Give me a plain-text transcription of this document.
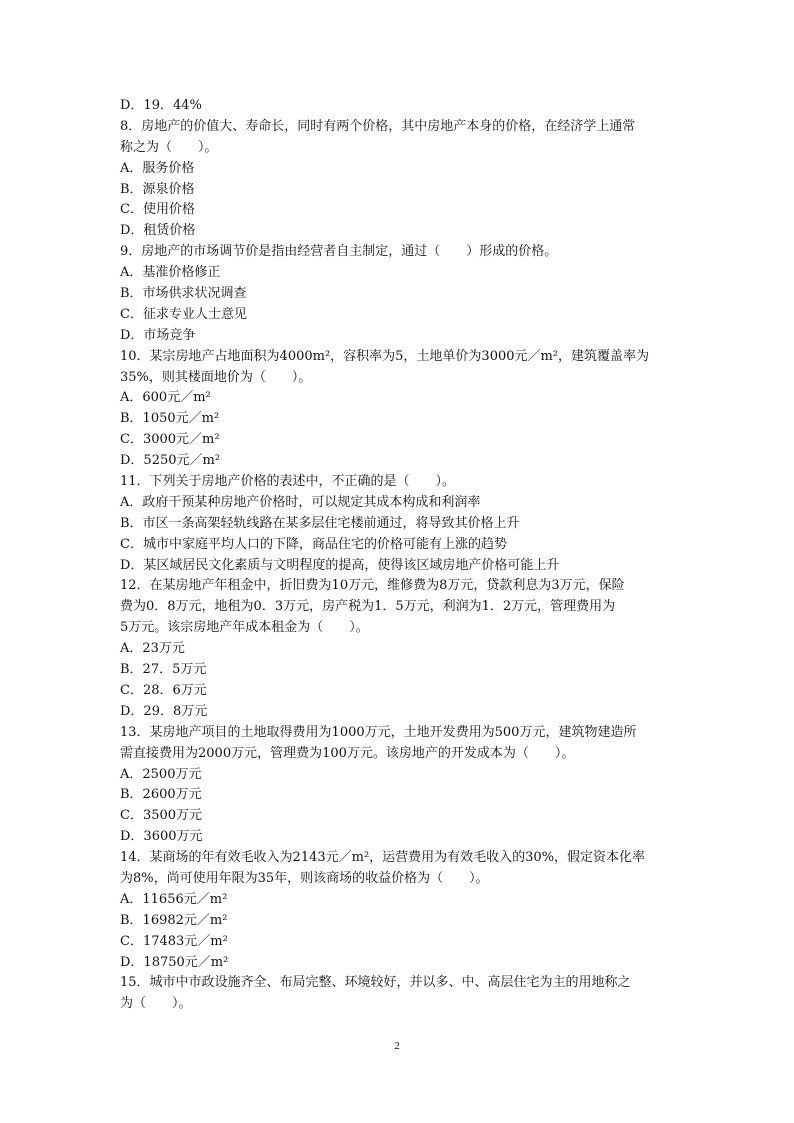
D．19．44%
8．房地产的价值大、寿命长，同时有两个价格，其中房地产本身的价格，在经济学上通常
称之为（　　）。
A．服务价格
B．源泉价格
C．使用价格
D．租赁价格
9．房地产的市场调节价是指由经营者自主制定，通过（　　）形成的价格。
A．基准价格修正
B．市场供求状况调查
C．征求专业人士意见
D．市场竞争
10．某宗房地产占地面积为4000m²，容积率为5，土地单价为3000元／m²，建筑覆盖率为
35%，则其楼面地价为（　　）。
A．600元／m²
B．1050元／m²
C．3000元／m²
D．5250元／m²
11．下列关于房地产价格的表述中，不正确的是（　　）。
A．政府干预某种房地产价格时，可以规定其成本构成和利润率
B．市区一条高架轻轨线路在某多层住宅楼前通过，将导致其价格上升
C．城市中家庭平均人口的下降，商品住宅的价格可能有上涨的趋势
D．某区域居民文化素质与文明程度的提高，使得该区域房地产价格可能上升
12．在某房地产年租金中，折旧费为10万元，维修费为8万元，贷款利息为3万元，保险
费为0．8万元，地租为0．3万元，房产税为1．5万元，利润为1．2万元，管理费用为
5万元。该宗房地产年成本租金为（　　）。
A．23万元
B．27．5万元
C．28．6万元
D．29．8万元
13．某房地产项目的土地取得费用为1000万元，土地开发费用为500万元，建筑物建造所
需直接费用为2000万元，管理费为100万元。该房地产的开发成本为（　　）。
A．2500万元
B．2600万元
C．3500万元
D．3600万元
14．某商场的年有效毛收入为2143元／m²，运营费用为有效毛收入的30%，假定资本化率
为8%，尚可使用年限为35年，则该商场的收益价格为（　　）。
A．11656元／m²
B．16982元／m²
C．17483元／m²
D．18750元／m²
15．城市中市政设施齐全、布局完整、环境较好，并以多、中、高层住宅为主的用地称之
为（　　）。
2
